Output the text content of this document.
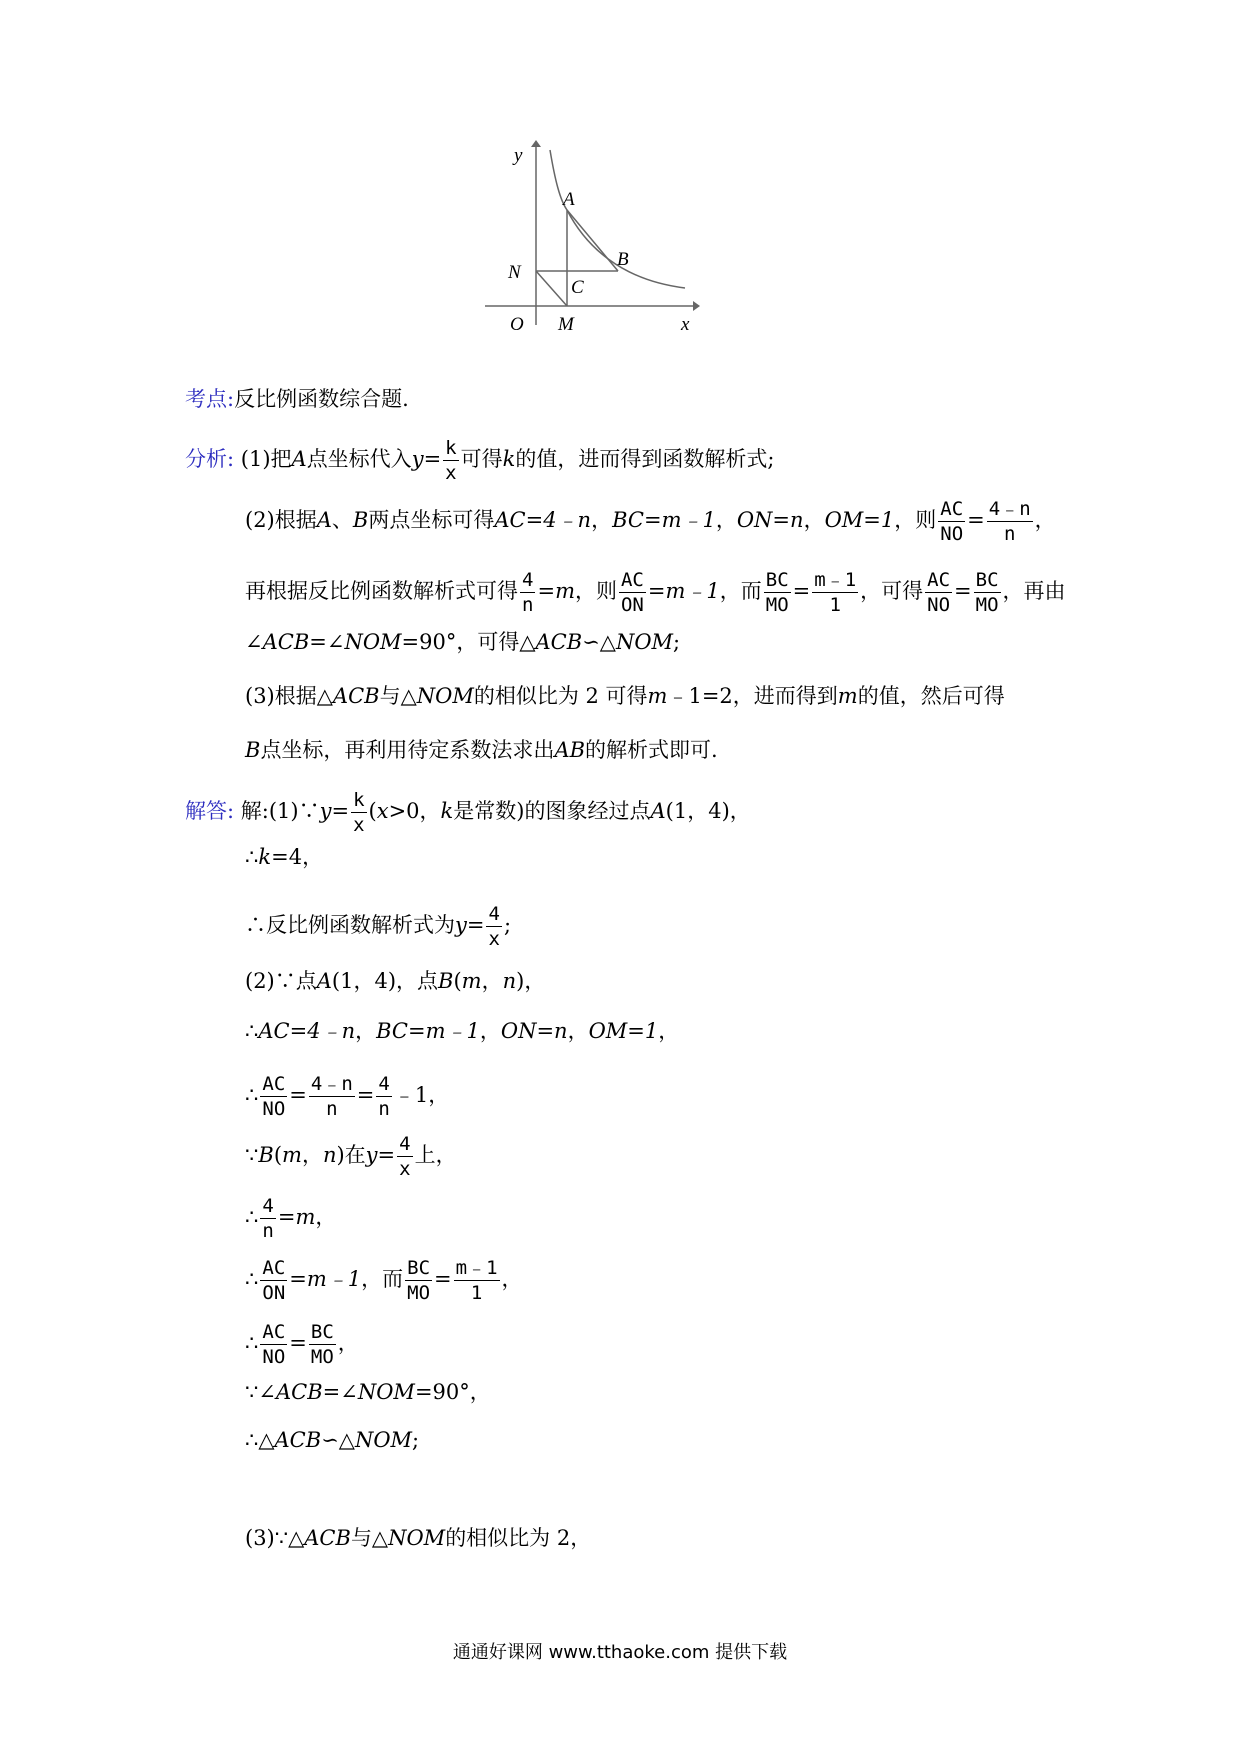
y
x
O M
N
A
B
C
考点:反比例函数综合题.
分析: (1)把A点坐标代入$y= \frac{k}{x}$ 可得k的值，进而得到函数解析式;
(2)根据A、B两点坐标可得AC=4﹣n，BC=m﹣1，ON=n，OM=1，则 $\frac{AC}{NO} = \frac{4﹣n}{n}$ ，
再根据反比例函数解析式可得 $\frac{4}{n} =m$，则 $\frac{AC}{ON}$ =m﹣1，而 $\frac{BC}{MO} = \frac{m﹣1}{1}$ ，可得 $\frac{AC}{NO} = \frac{BC}{MO}$ ，再由
∠ACB=∠NOM=90°，可得△ACB∽△NOM;
(3)根据△ACB与△NOM的相似比为 2 可得m﹣1=2，进而得到m的值，然后可得
B点坐标，再利用待定系数法求出AB的解析式即可.
解答: 解:(1)∵y= $\frac{k}{x} (x>0$，k是常数)的图象经过点A(1，4)，
∴k=4，
∴反比例函数解析式为$y= \frac{4}{x}$ ;
(2)∵点A(1，4)，点B(m，n)，
∴AC=4﹣n，BC=m﹣1，ON=n，OM=1，
∴ $\frac{AC}{NO} = \frac{4﹣n}{n} = \frac{4}{n}$ ﹣1，
∵B(m，n)在$y= \frac{4}{x}$ 上，
∴ $\frac{4}{n} =m$，
∴ $\frac{AC}{ON}$ =m﹣1，而 $\frac{BC}{MO} = \frac{m﹣1}{1}$ ，
∴ $\frac{AC}{NO} = \frac{BC}{MO}$ ，
∵∠ACB=∠NOM=90°，
∴△ACB∽△NOM;
(3)∵△ACB与△NOM的相似比为 2，
通通好课网 www.tthaoke.com 提供下载
